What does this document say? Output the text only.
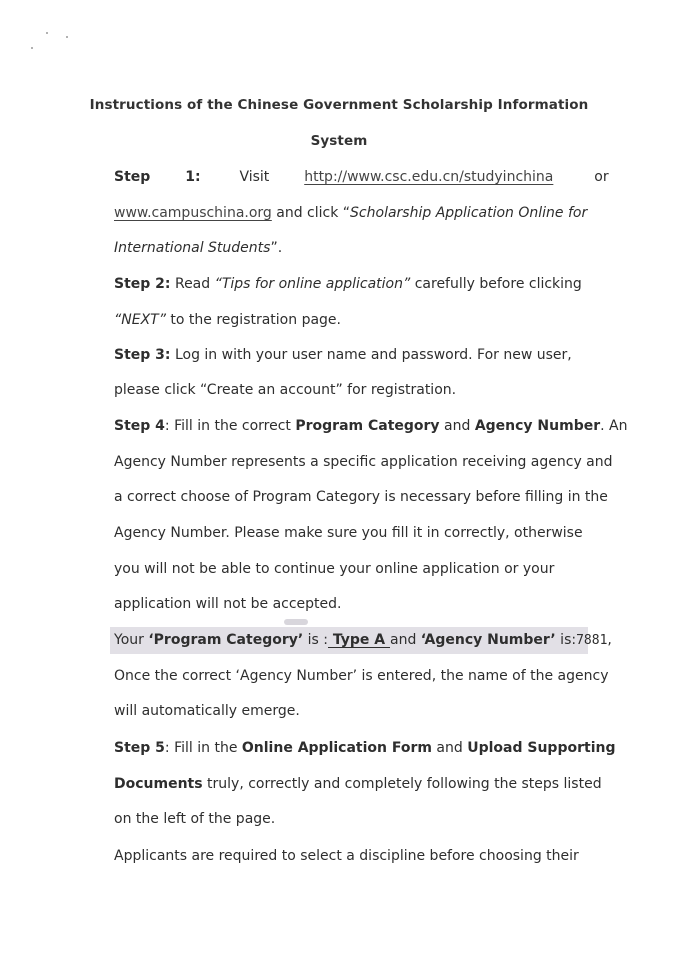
Instructions of the Chinese Government Scholarship Information
System
Step 1:	Visit http://www.csc.edu.cn/studyinchina	or
www.campuschina.org and click “Scholarship Application Online for
International Students”.
Step 2: Read “Tips for online application” carefully before clicking
“NEXT” to the registration page.
Step 3: Log in with your user name and password. For new user,
please click “Create an account” for registration.
Step 4: Fill in the correct Program Category and Agency Number. An
Agency Number represents a specific application receiving agency and
a correct choose of Program Category is necessary before filling in the
Agency Number. Please make sure you fill it in correctly, otherwise
you will not be able to continue your online application or your
application will not be accepted.
Your ‘Program Category’ is : Type A and ‘Agency Number’ is:7881,
Once the correct ‘Agency Number’ is entered, the name of the agency
will automatically emerge.
Step 5: Fill in the Online Application Form and Upload Supporting
Documents truly, correctly and completely following the steps listed
on the left of the page.
Applicants are required to select a discipline before choosing their
